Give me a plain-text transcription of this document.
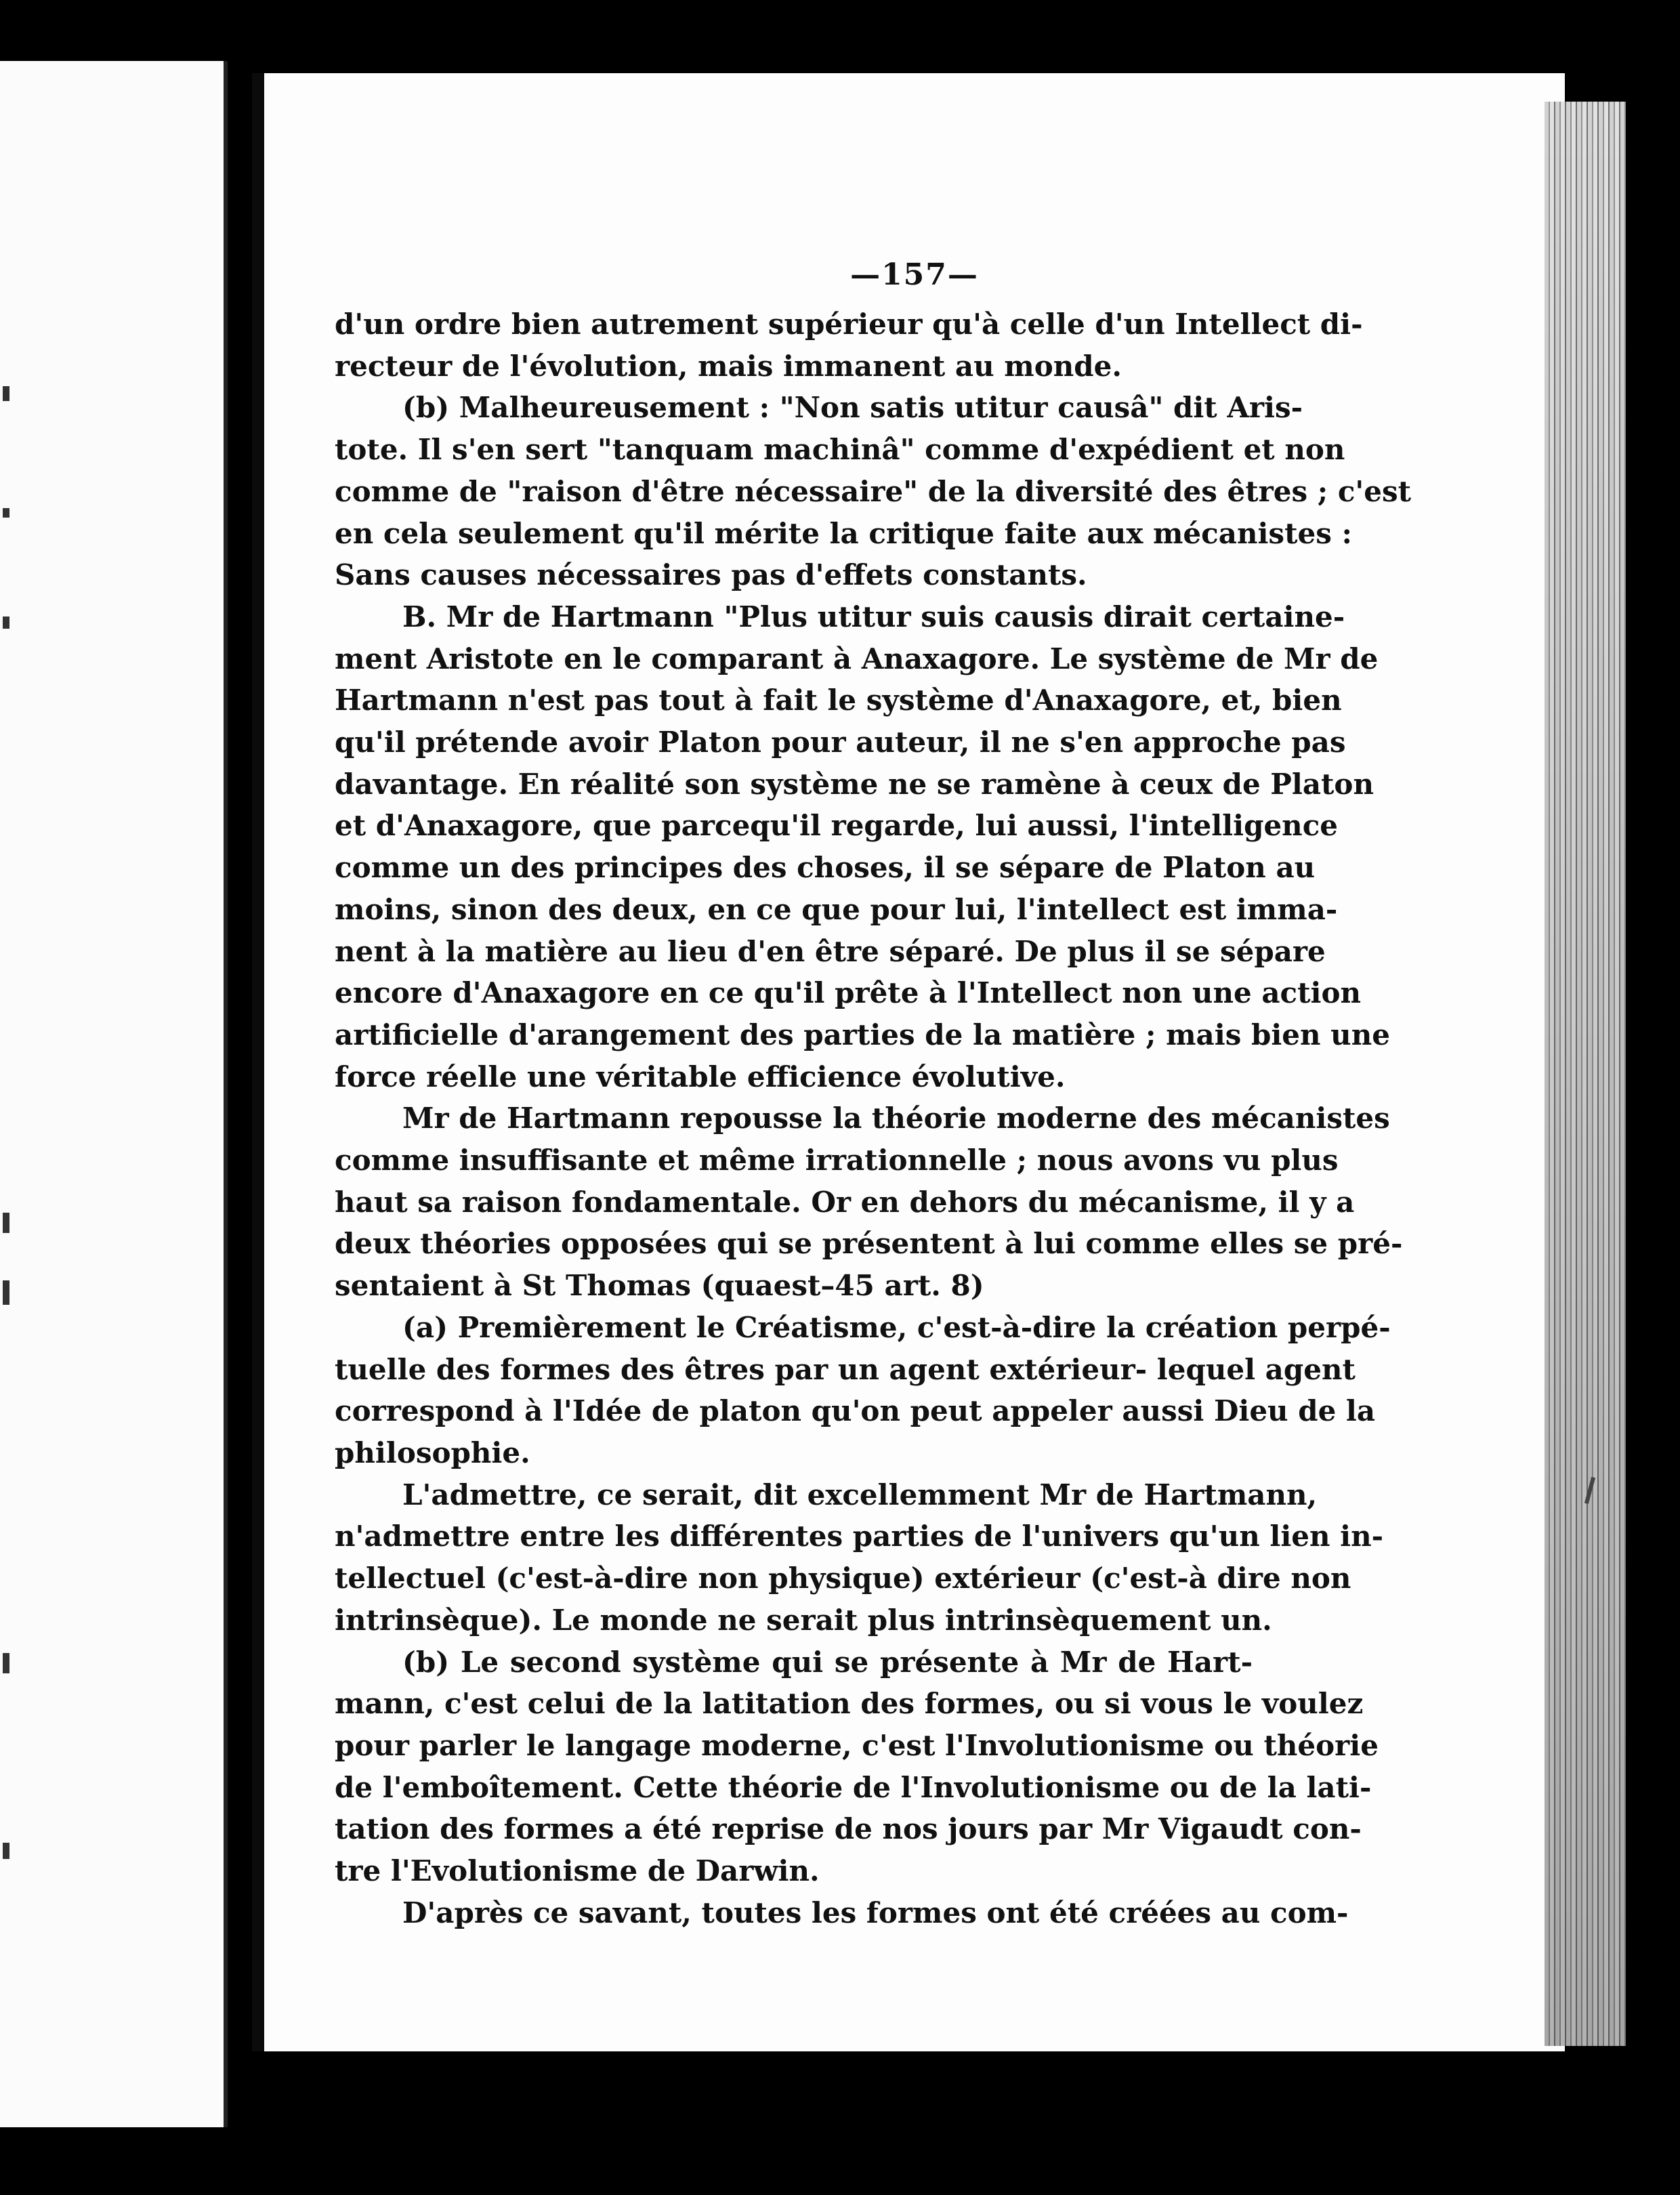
—157—
d'un ordre bien autrement supérieur qu'à celle d'un Intellect di-
recteur de l'évolution, mais immanent au monde.
(b) Malheureusement : "Non satis utitur causâ" dit Aris-
tote. Il s'en sert "tanquam machinâ" comme d'expédient et non
comme de "raison d'être nécessaire" de la diversité des êtres ; c'est
en cela seulement qu'il mérite la critique faite aux mécanistes :
Sans causes nécessaires pas d'effets constants.
B. Mr de Hartmann "Plus utitur suis causis dirait certaine-
ment Aristote en le comparant à Anaxagore. Le système de Mr de
Hartmann n'est pas tout à fait le système d'Anaxagore, et, bien
qu'il prétende avoir Platon pour auteur, il ne s'en approche pas
davantage. En réalité son système ne se ramène à ceux de Platon
et d'Anaxagore, que parcequ'il regarde, lui aussi, l'intelligence
comme un des principes des choses, il se sépare de Platon au
moins, sinon des deux, en ce que pour lui, l'intellect est imma-
nent à la matière au lieu d'en être séparé. De plus il se sépare
encore d'Anaxagore en ce qu'il prête à l'Intellect non une action
artificielle d'arangement des parties de la matière ; mais bien une
force réelle une véritable efficience évolutive.
Mr de Hartmann repousse la théorie moderne des mécanistes
comme insuffisante et même irrationnelle ; nous avons vu plus
haut sa raison fondamentale. Or en dehors du mécanisme, il y a
deux théories opposées qui se présentent à lui comme elles se pré-
sentaient à St Thomas (quaest–45 art. 8)
(a) Premièrement le Créatisme, c'est-à-dire la création perpé-
tuelle des formes des êtres par un agent extérieur- lequel agent
correspond à l'Idée de platon qu'on peut appeler aussi Dieu de la
philosophie.
L'admettre, ce serait, dit excellemment Mr de Hartmann,
n'admettre entre les différentes parties de l'univers qu'un lien in-
tellectuel (c'est-à-dire non physique) extérieur (c'est-à dire non
intrinsèque). Le monde ne serait plus intrinsèquement un.
(b) Le second système qui se présente à Mr de Hart-
mann, c'est celui de la latitation des formes, ou si vous le voulez
pour parler le langage moderne, c'est l'Involutionisme ou théorie
de l'emboîtement. Cette théorie de l'Involutionisme ou de la lati-
tation des formes a été reprise de nos jours par Mr Vigaudt con-
tre l'Evolutionisme de Darwin.
D'après ce savant, toutes les formes ont été créées au com-
